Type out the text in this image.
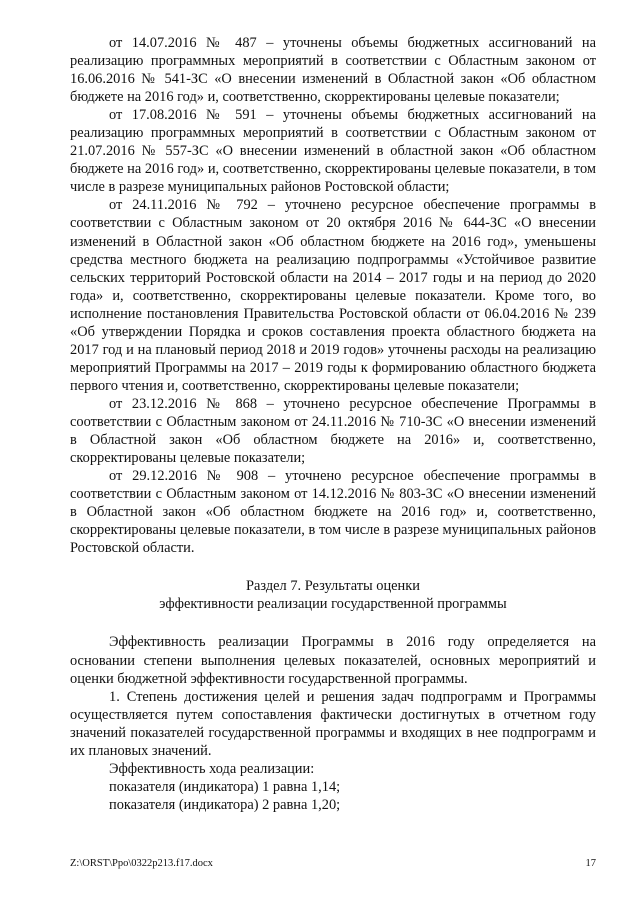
от 14.07.2016 № 487 – уточнены объемы бюджетных ассигнований на реализацию программных мероприятий в соответствии с Областным законом от 16.06.2016 № 541-ЗС «О внесении изменений в Областной закон «Об областном бюджете на 2016 год» и, соответственно, скорректированы целевые показатели;

от 17.08.2016 № 591 – уточнены объемы бюджетных ассигнований на реализацию программных мероприятий в соответствии с Областным законом от 21.07.2016 № 557-ЗС «О внесении изменений в областной закон «Об областном бюджете на 2016 год» и, соответственно, скорректированы целевые показатели, в том числе в разрезе муниципальных районов Ростовской области;

от 24.11.2016 № 792 – уточнено ресурсное обеспечение программы в соответствии с Областным законом от 20 октября 2016 № 644-ЗС «О внесении изменений в Областной закон «Об областном бюджете на 2016 год», уменьшены средства местного бюджета на реализацию подпрограммы «Устойчивое развитие сельских территорий Ростовской области на 2014 – 2017 годы и на период до 2020 года» и, соответственно, скорректированы целевые показатели. Кроме того, во исполнение постановления Правительства Ростовской области от 06.04.2016 № 239 «Об утверждении Порядка и сроков составления проекта областного бюджета на 2017 год и на плановый период 2018 и 2019 годов» уточнены расходы на реализацию мероприятий Программы на 2017 – 2019 годы к формированию областного бюджета первого чтения и, соответственно, скорректированы целевые показатели;

от 23.12.2016 № 868 – уточнено ресурсное обеспечение Программы в соответствии с Областным законом от 24.11.2016 № 710-ЗС «О внесении изменений в Областной закон «Об областном бюджете на 2016» и, соответственно, скорректированы целевые показатели;

от 29.12.2016 № 908 – уточнено ресурсное обеспечение программы в соответствии с Областным законом от 14.12.2016 № 803-ЗС «О внесении изменений в Областной закон «Об областном бюджете на 2016 год» и, соответственно, скорректированы целевые показатели, в том числе в разрезе муниципальных районов Ростовской области.

Раздел 7. Результаты оценки
эффективности реализации государственной программы

Эффективность реализации Программы в 2016 году определяется на основании степени выполнения целевых показателей, основных мероприятий и оценки бюджетной эффективности государственной программы.

1. Степень достижения целей и решения задач подпрограмм и Программы осуществляется путем сопоставления фактически достигнутых в отчетном году значений показателей государственной программы и входящих в нее подпрограмм и их плановых значений.

Эффективность хода реализации:

показателя (индикатора) 1 равна 1,14;

показателя (индикатора) 2 равна 1,20;

Z:\ORST\Ppo\0322p213.f17.docx	17
